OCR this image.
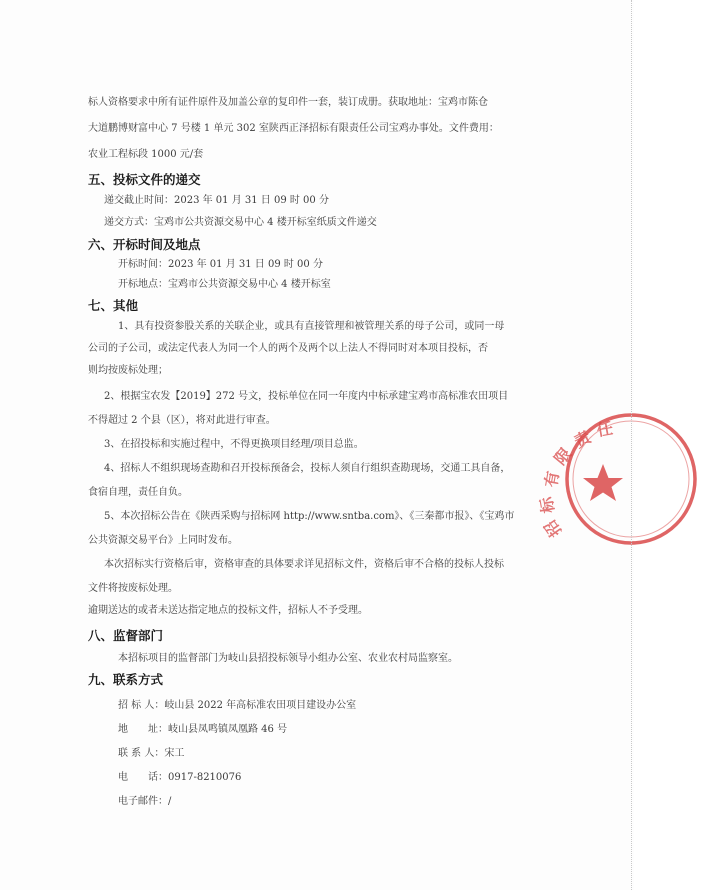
标人资格要求中所有证件原件及加盖公章的复印件一套，装订成册。获取地址：宝鸡市陈仓
大道鹏博财富中心 7 号楼 1 单元 302 室陕西正泽招标有限责任公司宝鸡办事处。文件费用：
农业工程标段 1000 元/套
五、投标文件的递交
递交截止时间：2023 年 01 月 31 日 09 时 00 分
递交方式：宝鸡市公共资源交易中心 4 楼开标室纸质文件递交
六、开标时间及地点
开标时间：2023 年 01 月 31 日 09 时 00 分
开标地点：宝鸡市公共资源交易中心 4 楼开标室
七、其他
1、具有投资参股关系的关联企业，或具有直接管理和被管理关系的母子公司，或同一母
公司的子公司，或法定代表人为同一个人的两个及两个以上法人不得同时对本项目投标，否
则均按废标处理；
2、根据宝农发【2019】272 号文，投标单位在同一年度内中标承建宝鸡市高标准农田项目
不得超过 2 个县（区），将对此进行审查。
3、在招投标和实施过程中，不得更换项目经理/项目总监。
4、招标人不组织现场查勘和召开投标预备会，投标人须自行组织查勘现场，交通工具自备，
食宿自理，责任自负。
5、本次招标公告在《陕西采购与招标网 http://www.sntba.com》、《三秦都市报》、《宝鸡市
公共资源交易平台》上同时发布。
本次招标实行资格后审，资格审查的具体要求详见招标文件，资格后审不合格的投标人投标
文件将按废标处理。
逾期送达的或者未送达指定地点的投标文件，招标人不予受理。
八、监督部门
本招标项目的监督部门为岐山县招投标领导小组办公室、农业农村局监察室。
九、联系方式
招 标 人：岐山县 2022 年高标准农田项目建设办公室
地　　址：岐山县凤鸣镇凤凰路 46 号
联 系 人：宋工
电　　话：0917-8210076
电子邮件：/
责 任
限
有
标
招
